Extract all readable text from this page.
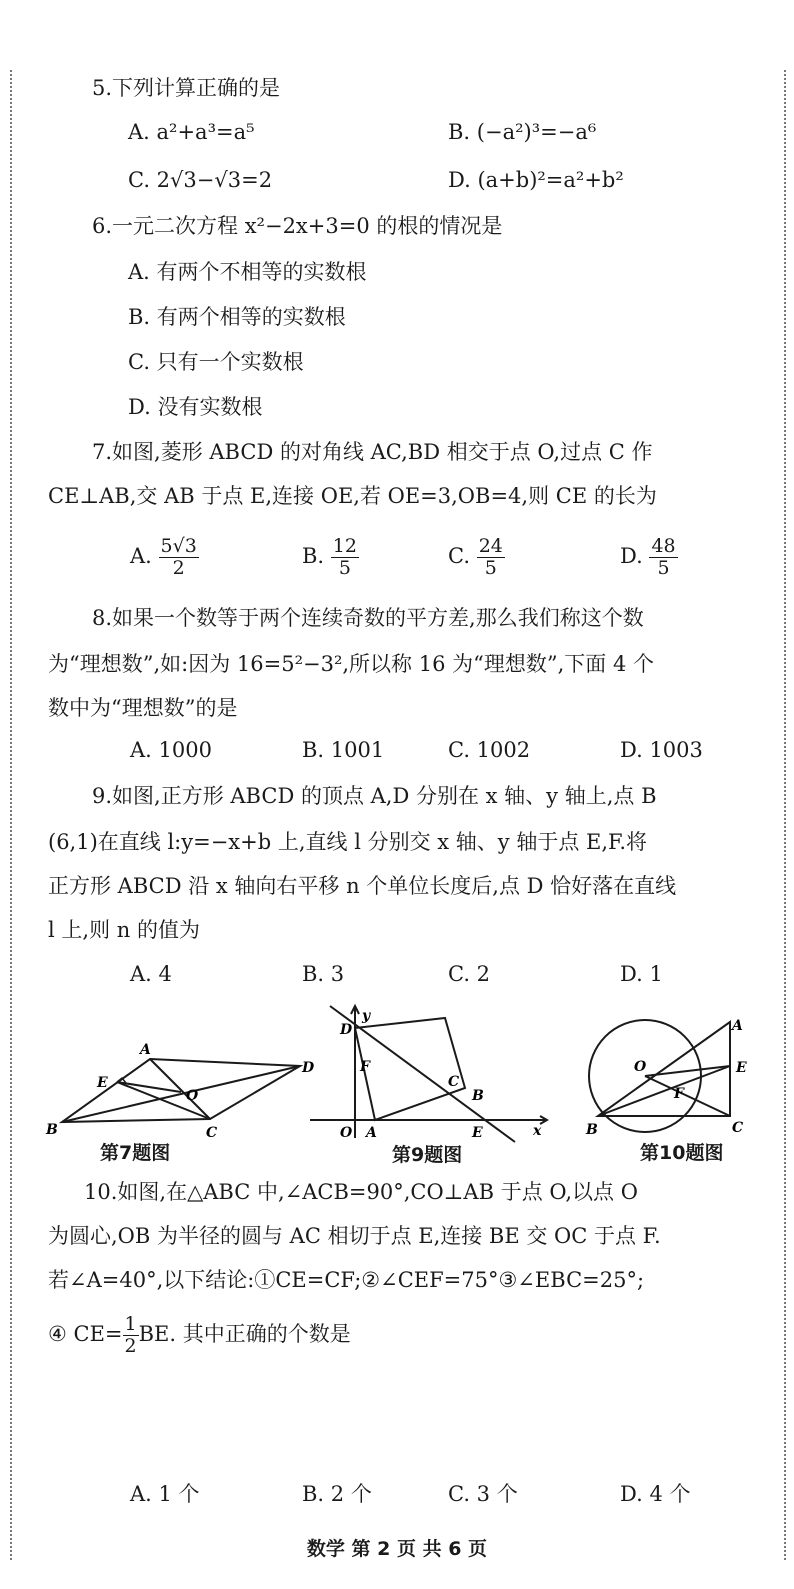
5.下列计算正确的是
A. a²+a³=a⁵	B. (−a²)³=−a⁶
C. 2√3−√3=2	D. (a+b)²=a²+b²
6.一元二次方程 x²−2x+3=0 的根的情况是
A. 有两个不相等的实数根
B. 有两个相等的实数根
C. 只有一个实数根
D. 没有实数根
7.如图,菱形 ABCD 的对角线 AC,BD 相交于点 O,过点 C 作
CE⊥AB,交 AB 于点 E,连接 OE,若 OE=3,OB=4,则 CE 的长为
A. $\frac{5√3}{2}$	B. $\frac{12}{5}$	C. $\frac{24}{5}$	D. $\frac{48}{5}$
8.如果一个数等于两个连续奇数的平方差,那么我们称这个数
为“理想数”,如:因为 16=5²−3²,所以称 16 为“理想数”,下面 4 个
数中为“理想数”的是
A. 1000	B. 1001	C. 1002	D. 1003
9.如图,正方形 ABCD 的顶点 A,D 分别在 x 轴、y 轴上,点 B
(6,1)在直线 l:y=−x+b 上,直线 l 分别交 x 轴、y 轴于点 E,F.将
正方形 ABCD 沿 x 轴向右平移 n 个单位长度后,点 D 恰好落在直线
l 上,则 n 的值为
A. 4	B. 3	C. 2	D. 1
A
D
E
O
B	C
y
x
F
D
C
B
O A	E
A
O	E
F
B	C
第7题图	第9题图	第10题图
10.如图,在△ABC 中,∠ACB=90°,CO⊥AB 于点 O,以点 O
为圆心,OB 为半径的圆与 AC 相切于点 E,连接 BE 交 OC 于点 F.
若∠A=40°,以下结论:①CE=CF;②∠CEF=75°③∠EBC=25°;
④ $CE= \frac{1}{2}$ BE. 其中正确的个数是
A. 1 个	B. 2 个	C. 3 个	D. 4 个
数学 第 2 页 共 6 页
